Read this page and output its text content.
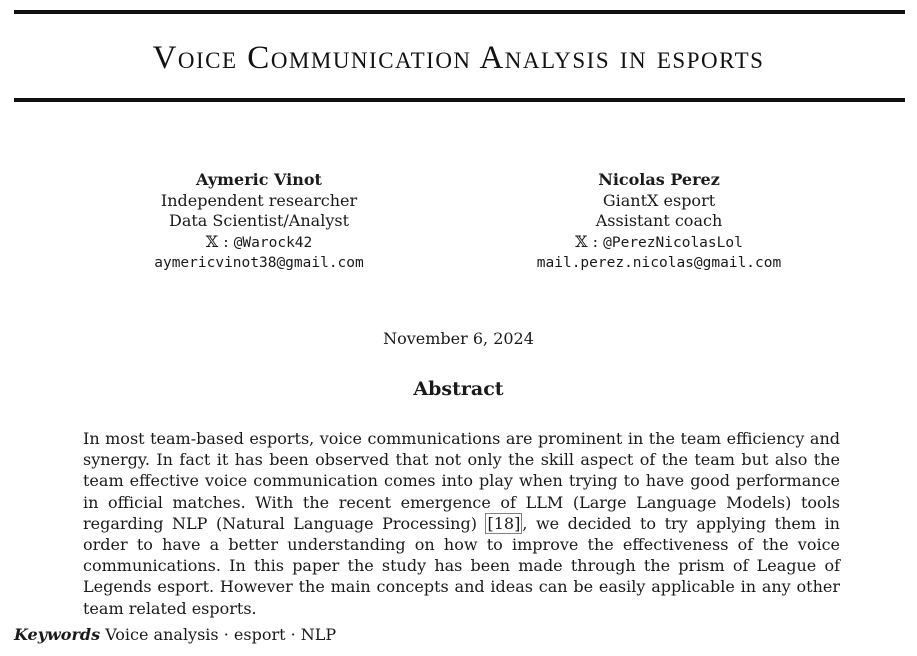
Voice Communication Analysis in esports
Aymeric Vinot
Independent researcher
Data Scientist/Analyst
𝕏 : @Warock42
aymericvinot38@gmail.com
Nicolas Perez
GiantX esport
Assistant coach
𝕏 : @PerezNicolasLol
mail.perez.nicolas@gmail.com
November 6, 2024
Abstract

In most team-based esports, voice communications are prominent in the team efficiency and synergy. In fact it has been observed that not only the skill aspect of the team but also the team effective voice communication comes into play when trying to have good performance in official matches. With the recent emergence of LLM (Large Language Models) tools regarding NLP (Natural Language Processing) [18] , we decided to try applying them in order to have a better understanding on how to improve the effectiveness of the voice communications. In this paper the study has been made through the prism of League of Legends esport. However the main concepts and ideas can be easily applicable in any other team related esports.

Keywords Voice analysis · esport · NLP
